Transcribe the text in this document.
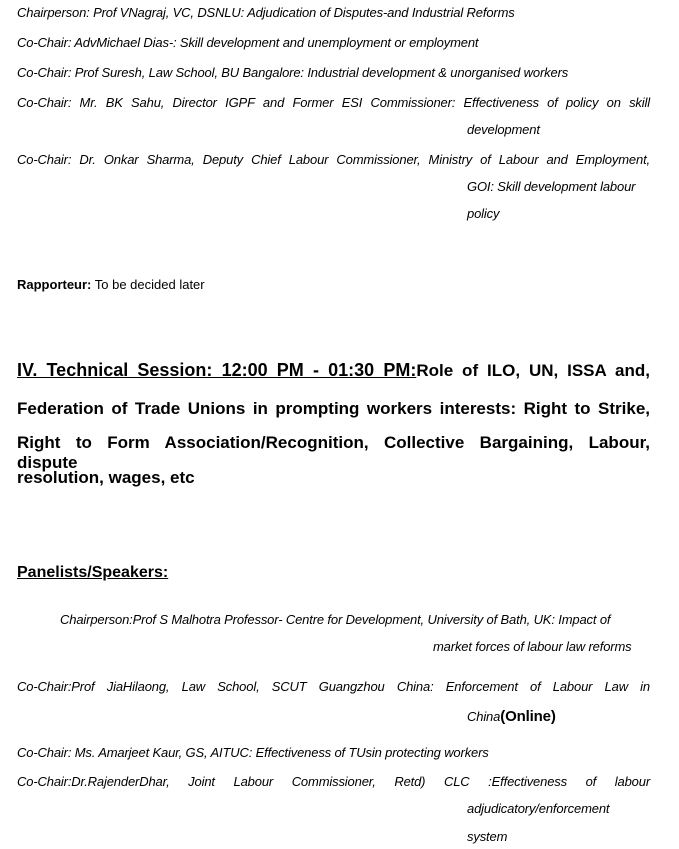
Chairperson: Prof VNagraj, VC, DSNLU: Adjudication of Disputes-and Industrial Reforms
Co-Chair: AdvMichael Dias-: Skill development and unemployment or employment
Co-Chair: Prof Suresh, Law School, BU Bangalore: Industrial development & unorganised workers
Co-Chair: Mr. BK Sahu, Director IGPF and Former ESI Commissioner: Effectiveness of policy on skill
development
Co-Chair: Dr. Onkar Sharma, Deputy Chief Labour Commissioner, Ministry of Labour and Employment,
GOI: Skill development labour
policy
Rapporteur: To be decided later
IV. Technical Session: 12:00 PM - 01:30 PM:Role of ILO, UN, ISSA and,
Federation of Trade Unions in prompting workers interests: Right to Strike,
Right to Form Association/Recognition, Collective Bargaining, Labour, dispute
resolution, wages, etc
Panelists/Speakers:
Chairperson:Prof S Malhotra Professor- Centre for Development, University of Bath, UK: Impact of
market forces of labour law reforms
Co-Chair:Prof JiaHilaong, Law School, SCUT Guangzhou China: Enforcement of Labour Law in
China(Online)
Co-Chair: Ms. Amarjeet Kaur, GS, AITUC: Effectiveness of TUsin protecting workers
Co-Chair:Dr.RajenderDhar, Joint Labour Commissioner, Retd) CLC :Effectiveness of labour
adjudicatory/enforcement
system
